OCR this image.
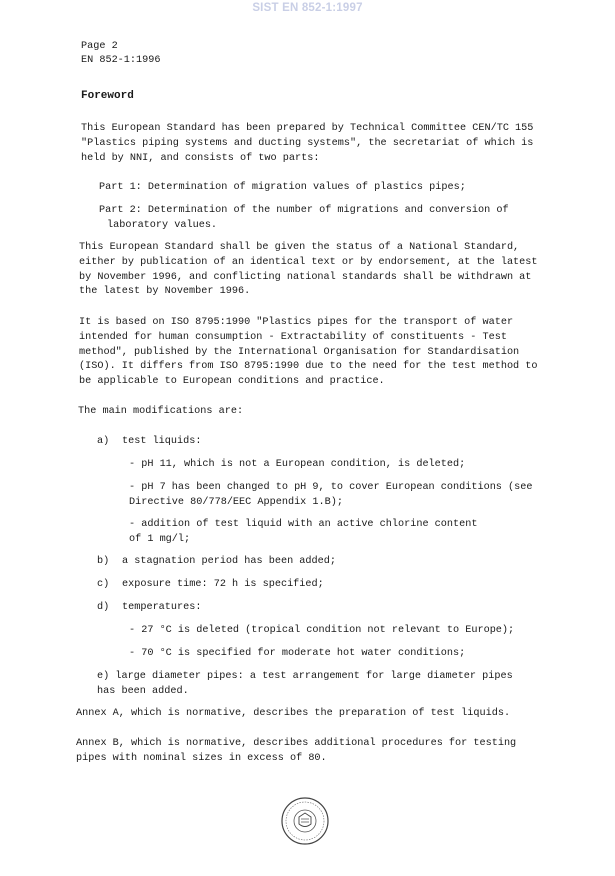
SIST EN 852-1:1997
Page 2
EN 852-1:1996
Foreword
This European Standard has been prepared by Technical Committee CEN/TC 155
"Plastics piping systems and ducting systems", the secretariat of which is
held by NNI, and consists of two parts:
Part 1: Determination of migration values of plastics pipes;
Part 2: Determination of the number of migrations and conversion of
laboratory values.
This European Standard shall be given the status of a National Standard,
either by publication of an identical text or by endorsement, at the latest
by November 1996, and conflicting national standards shall be withdrawn at
the latest by November 1996.
It is based on ISO 8795:1990 "Plastics pipes for the transport of water
intended for human consumption - Extractability of constituents - Test
method", published by the International Organisation for Standardisation
(ISO). It differs from ISO 8795:1990 due to the need for the test method to
be applicable to European conditions and practice.
The main modifications are:
a) test liquids:
- pH 11, which is not a European condition, is deleted;
- pH 7 has been changed to pH 9, to cover European conditions (see
Directive 80/778/EEC Appendix 1.B);
- addition of test liquid with an active chlorine content
of 1 mg/l;
b) a stagnation period has been added;
c) exposure time: 72 h is specified;
d) temperatures:
- 27 °C is deleted (tropical condition not relevant to Europe);
- 70 °C is specified for moderate hot water conditions;
e) large diameter pipes: a test arrangement for large diameter pipes
has been added.
Annex A, which is normative, describes the preparation of test liquids.
Annex B, which is normative, describes additional procedures for testing
pipes with nominal sizes in excess of 80.
